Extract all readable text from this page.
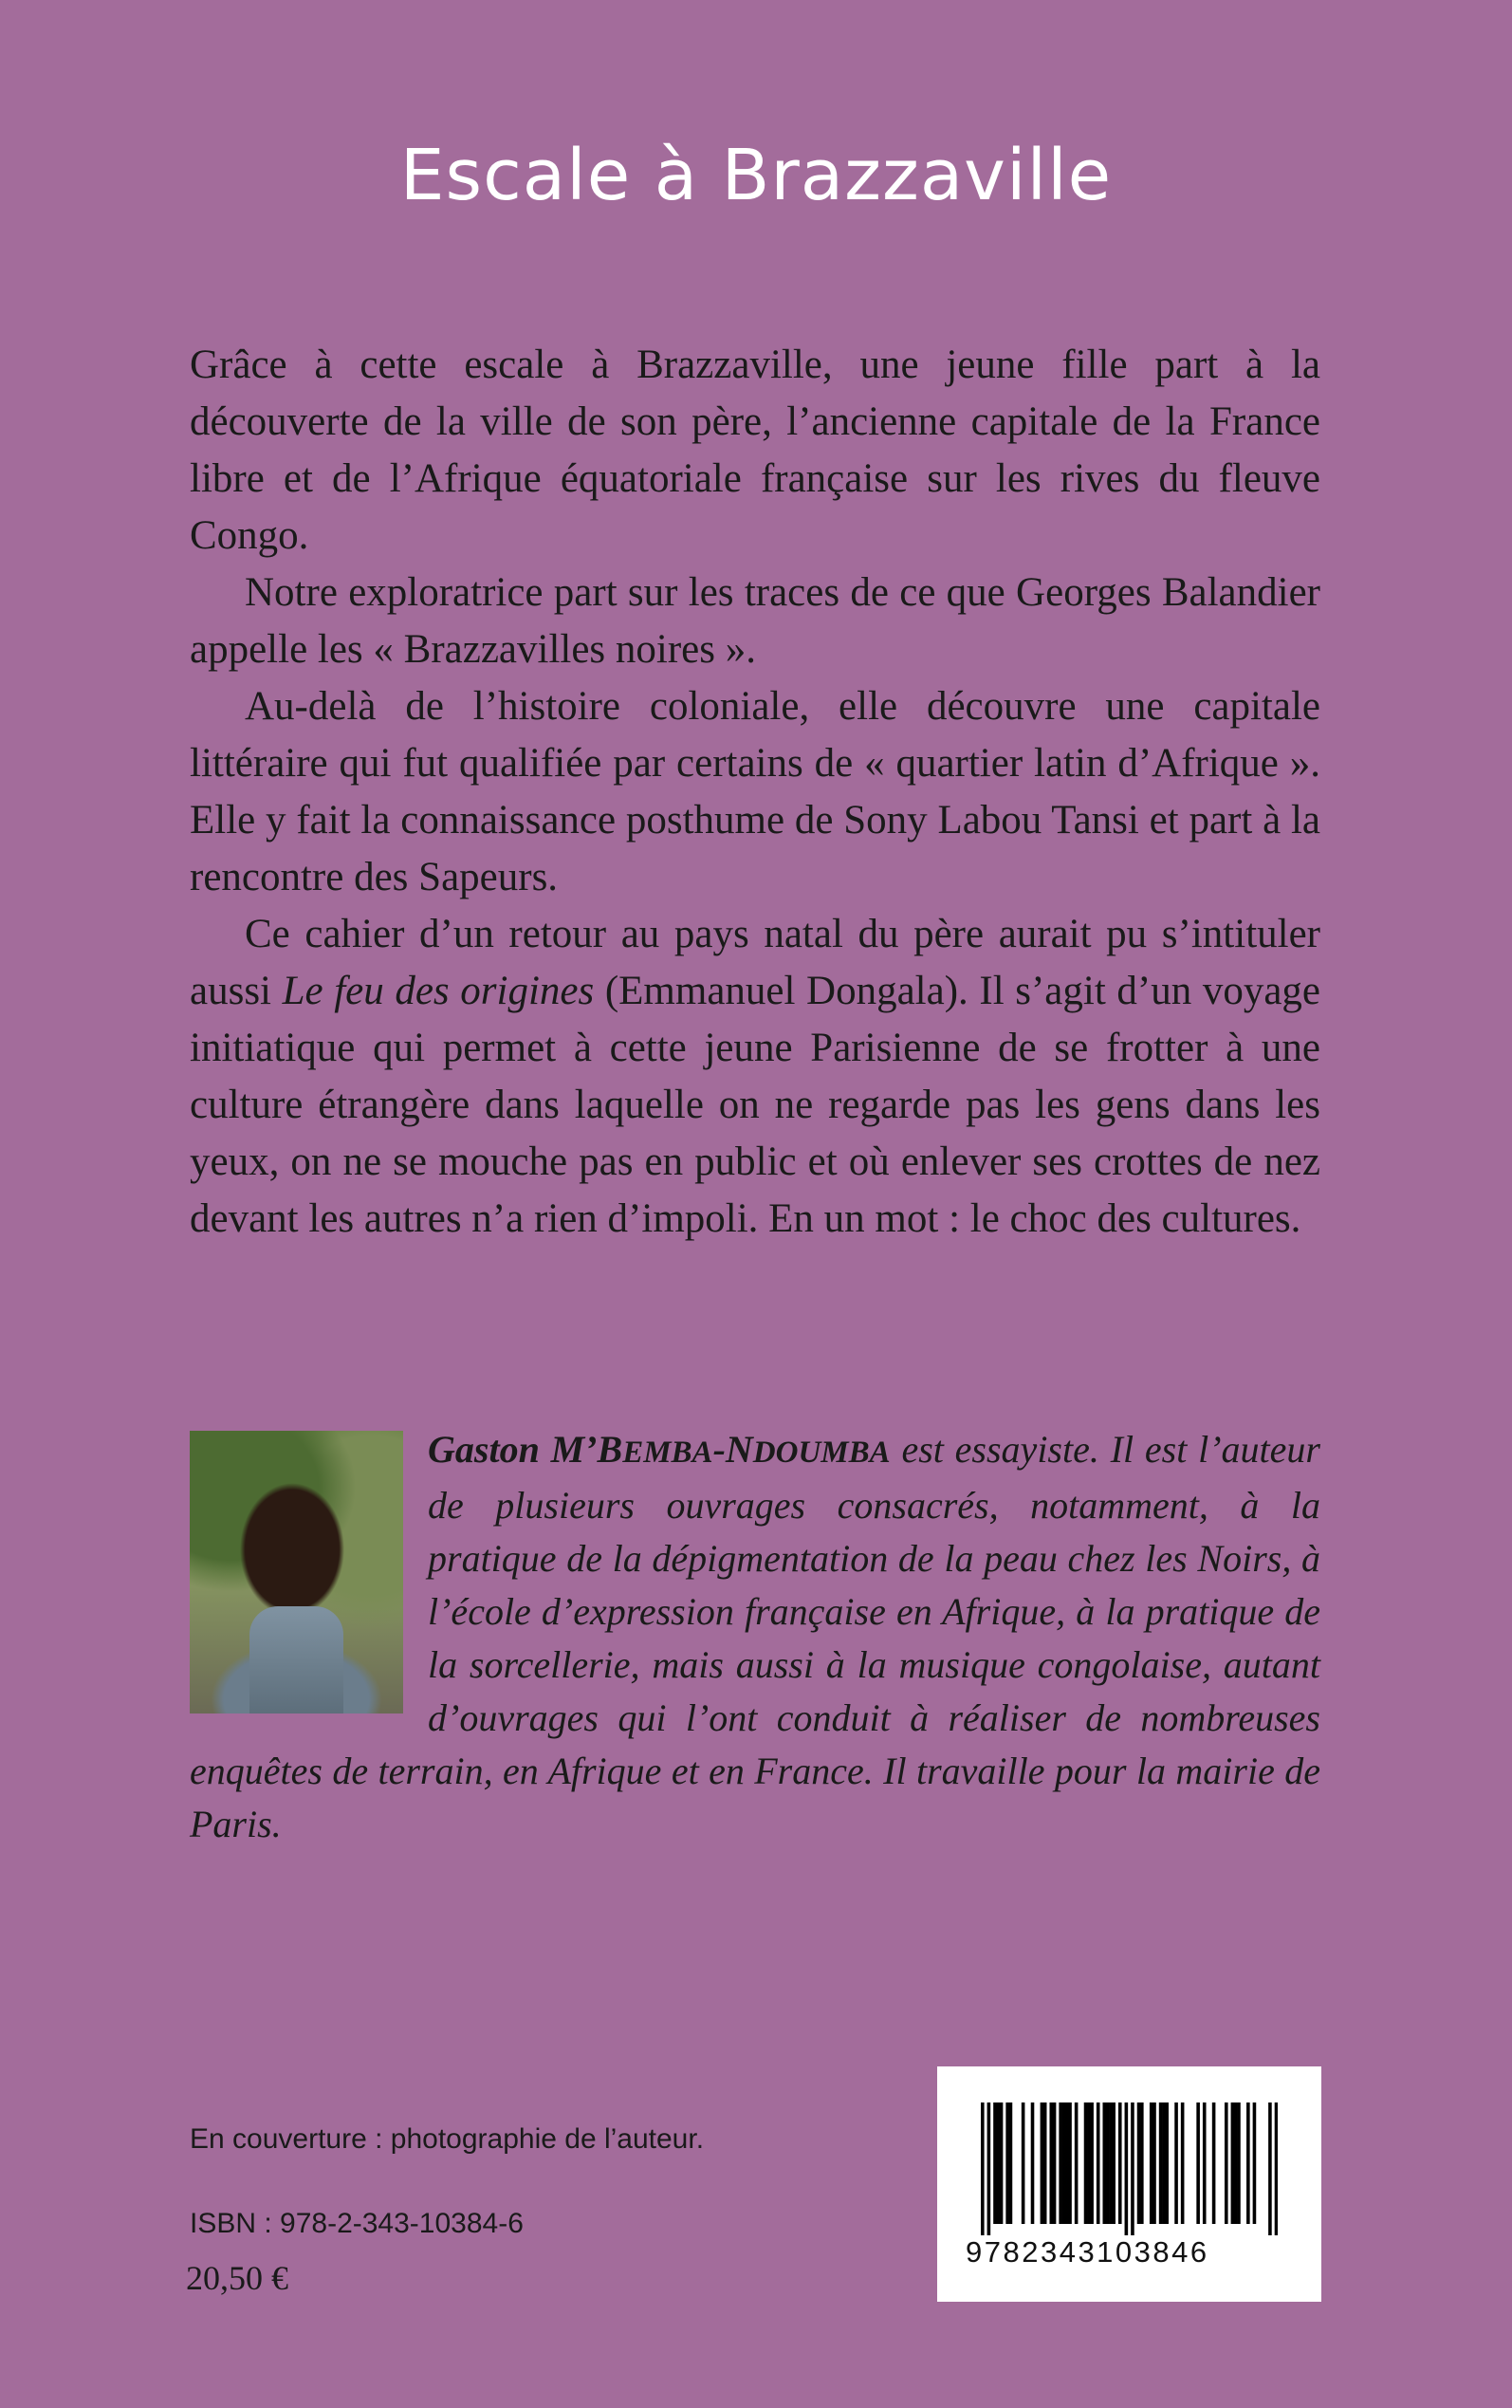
Escale à Brazzaville

Grâce à cette escale à Brazzaville, une jeune fille part à la découverte de la ville de son père, l’ancienne capitale de la France libre et de l’Afrique équatoriale française sur les rives du fleuve Congo.

Notre exploratrice part sur les traces de ce que Georges Balandier appelle les « Brazzavilles noires ».

Au-delà de l’histoire coloniale, elle découvre une capitale littéraire qui fut qualifiée par certains de « quartier latin d’Afrique ». Elle y fait la connaissance posthume de Sony Labou Tansi et part à la rencontre des Sapeurs.

Ce cahier d’un retour au pays natal du père aurait pu s’intituler aussi Le feu des origines (Emmanuel Dongala). Il s’agit d’un voyage initiatique qui permet à cette jeune Parisienne de se frotter à une culture étrangère dans laquelle on ne regarde pas les gens dans les yeux, on ne se mouche pas en public et où enlever ses crottes de nez devant les autres n’a rien d’impoli. En un mot : le choc des cultures.

Gaston M’BEMBA-NDOUMBA est essayiste. Il est l’auteur de plusieurs ouvrages consacrés, notamment, à la pratique de la dépigmentation de la peau chez les Noirs, à l’école d’expression française en Afrique, à la pratique de la sorcellerie, mais aussi à la musique congolaise, autant d’ouvrages qui l’ont conduit à réaliser de nombreuses enquêtes de terrain, en Afrique et en France. Il travaille pour la mairie de Paris.
En couverture : photographie de l’auteur.
ISBN : 978-2-343-10384-6
20,50 €
9782343103846
